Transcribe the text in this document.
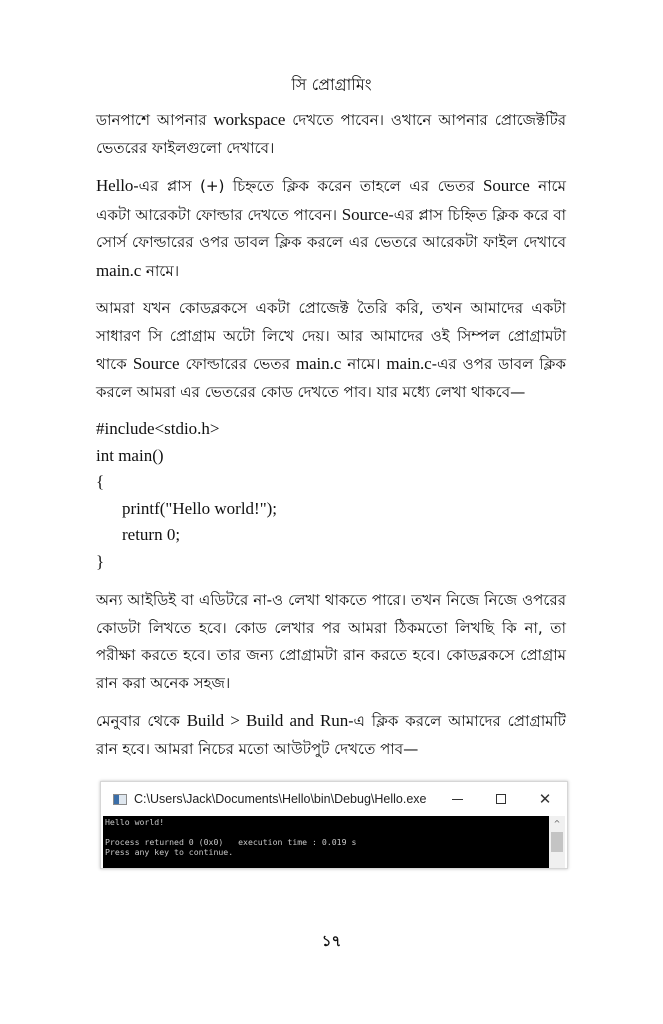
সি প্রোগ্রামিং

ডানপাশে আপনার workspace দেখতে পাবেন। ওখানে আপনার প্রোজেক্টটির ভেতরের ফাইলগুলো দেখাবে।

Hello-এর প্লাস (+) চিহ্নতে ক্লিক করেন তাহলে এর ভেতর Source নামে একটা আরেকটা ফোল্ডার দেখতে পাবেন। Source-এর প্লাস চিহ্নিত ক্লিক করে বা সোর্স ফোল্ডারের ওপর ডাবল ক্লিক করলে এর ভেতরে আরেকটা ফাইল দেখাবে main.c নামে।

আমরা যখন কোডব্লকসে একটা প্রোজেক্ট তৈরি করি, তখন আমাদের একটা সাধারণ সি প্রোগ্রাম অটো লিখে দেয়। আর আমাদের ওই সিম্পল প্রোগ্রামটা থাকে Source ফোল্ডারের ভেতর main.c নামে। main.c-এর ওপর ডাবল ক্লিক করলে আমরা এর ভেতরের কোড দেখতে পাব। যার মধ্যে লেখা থাকবে—

#include<stdio.h>
int main()
{
printf("Hello world!");
return 0;
}

অন্য আইডিই বা এডিটরে না-ও লেখা থাকতে পারে। তখন নিজে নিজে ওপরের কোডটা লিখতে হবে। কোড লেখার পর আমরা ঠিকমতো লিখছি কি না, তা পরীক্ষা করতে হবে। তার জন্য প্রোগ্রামটা রান করতে হবে। কোডব্লকসে প্রোগ্রাম রান করা অনেক সহজ।

মেনুবার থেকে Build > Build and Run-এ ক্লিক করলে আমাদের প্রোগ্রামটি রান হবে। আমরা নিচের মতো আউটপুট দেখতে পাব—

C:\Users\Jack\Documents\Hello\bin\Debug\Hello.exe	✕
Hello world!
Process returned 0 (0x0)   execution time : 0.019 s
Press any key to continue.
^
১৭
